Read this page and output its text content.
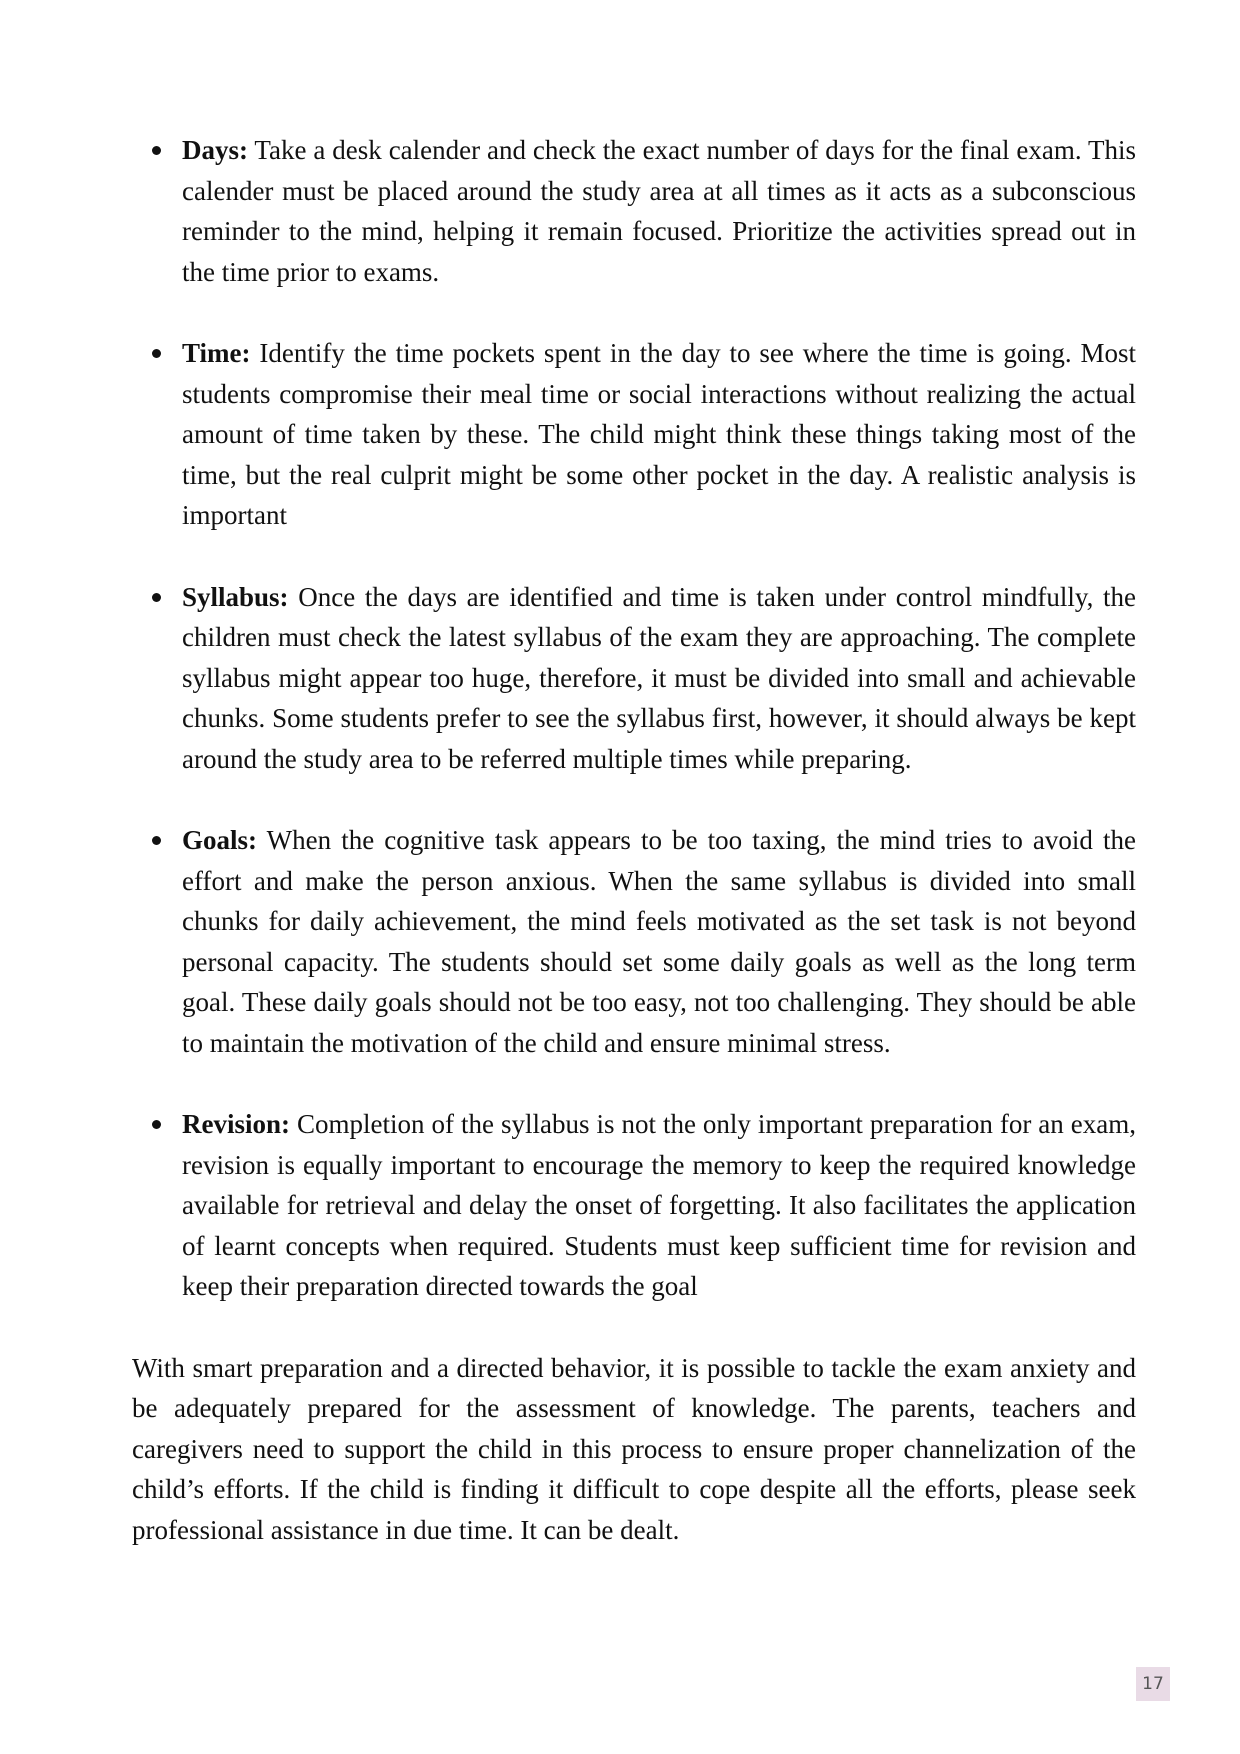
Days: Take a desk calender and check the exact number of days for the final exam. This calender must be placed around the study area at all times as it acts as a subconscious reminder to the mind, helping it remain focused. Prioritize the activities spread out in the time prior to exams.
Time: Identify the time pockets spent in the day to see where the time is going. Most students compromise their meal time or social interactions without realizing the actual amount of time taken by these. The child might think these things taking most of the time, but the real culprit might be some other pocket in the day. A realistic analysis is important
Syllabus: Once the days are identified and time is taken under control mindfully, the children must check the latest syllabus of the exam they are approaching. The complete syllabus might appear too huge, therefore, it must be divided into small and achievable chunks. Some students prefer to see the syllabus first, however, it should always be kept around the study area to be referred multiple times while preparing.
Goals: When the cognitive task appears to be too taxing, the mind tries to avoid the effort and make the person anxious. When the same syllabus is divided into small chunks for daily achievement, the mind feels motivated as the set task is not beyond personal capacity. The students should set some daily goals as well as the long term goal. These daily goals should not be too easy, not too challenging. They should be able to maintain the motivation of the child and ensure minimal stress.
Revision: Completion of the syllabus is not the only important preparation for an exam, revision is equally important to encourage the memory to keep the required knowledge available for retrieval and delay the onset of forgetting. It also facilitates the application of learnt concepts when required. Students must keep sufficient time for revision and keep their preparation directed towards the goal

With smart preparation and a directed behavior, it is possible to tackle the exam anxiety and be adequately prepared for the assessment of knowledge. The parents, teachers and caregivers need to support the child in this process to ensure proper channelization of the child’s efforts. If the child is finding it difficult to cope despite all the efforts, please seek professional assistance in due time. It can be dealt.

17
